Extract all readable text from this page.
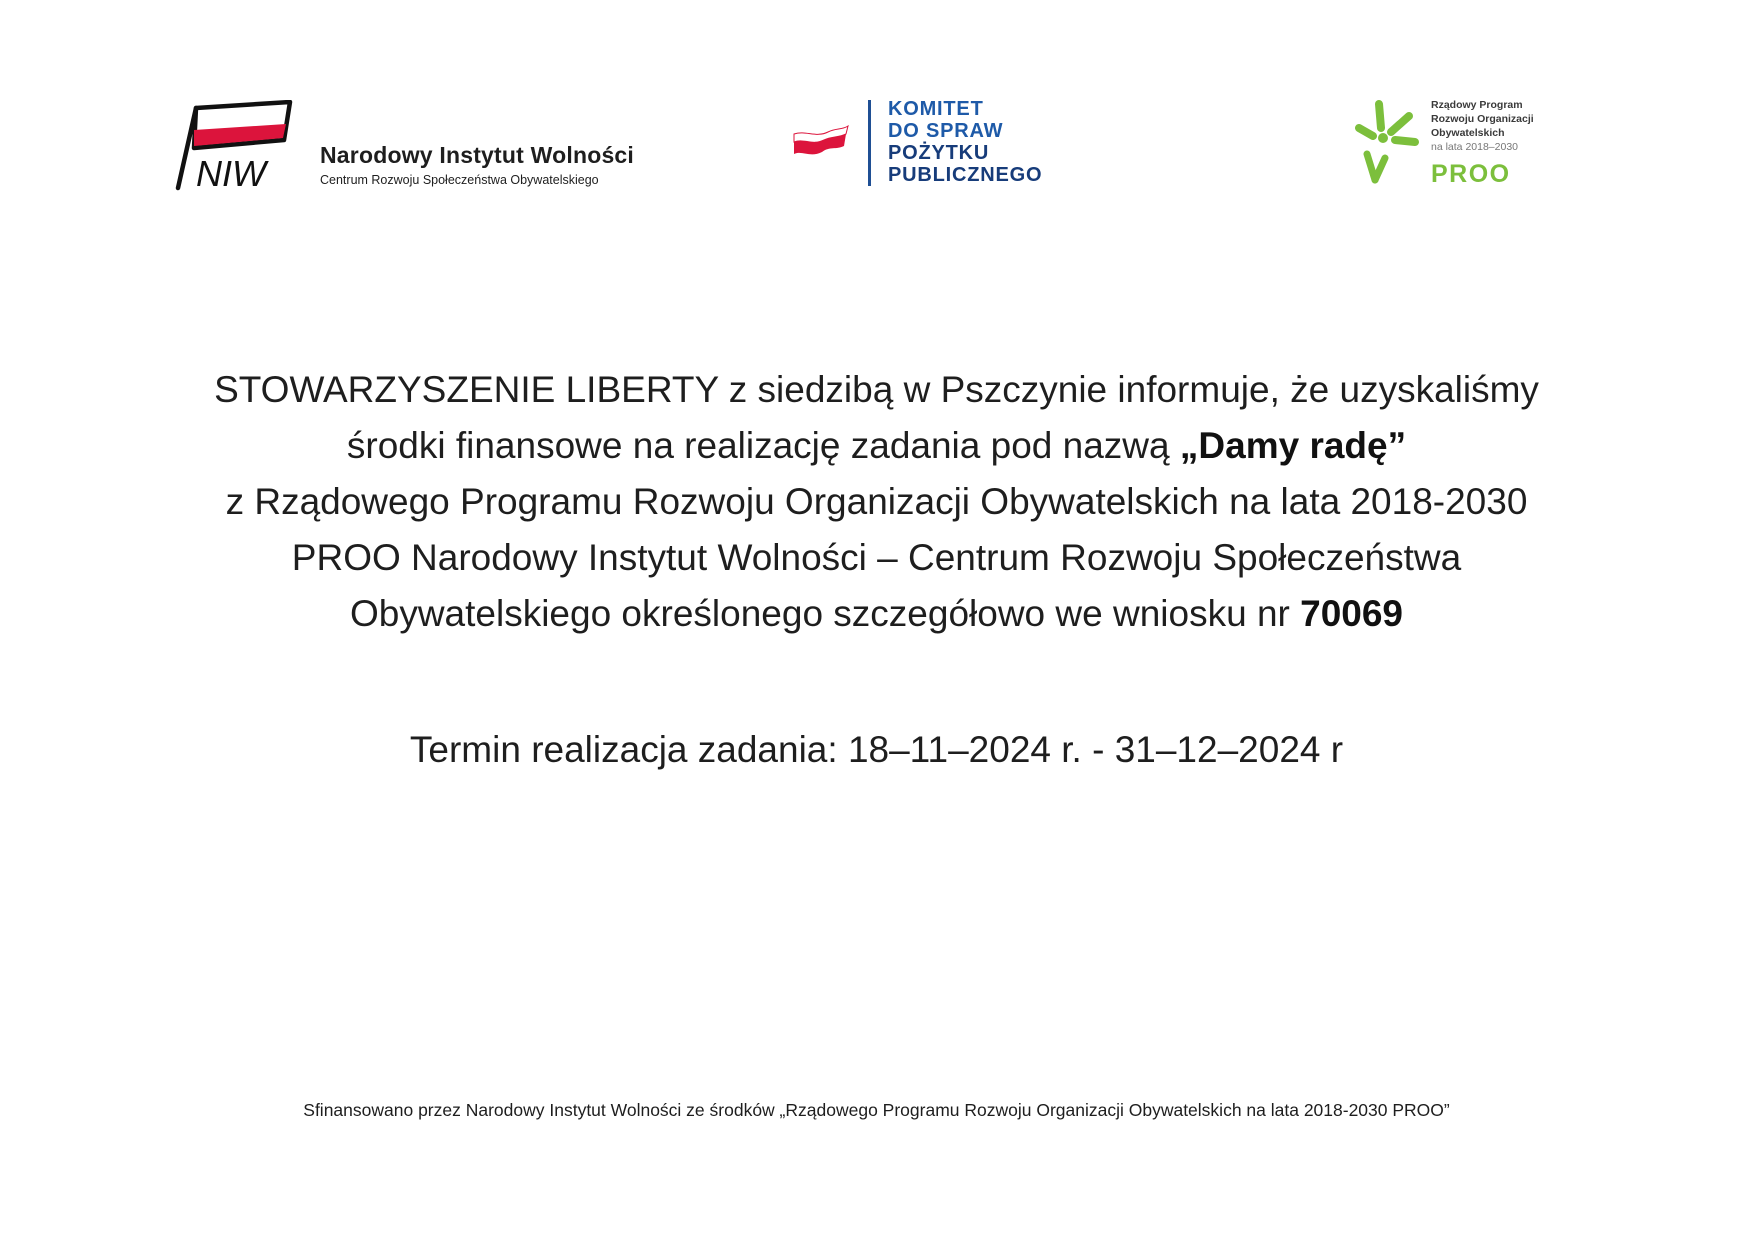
NIW Narodowy Instytut Wolności
Centrum Rozwoju Społeczeństwa Obywatelskiego
KOMITET
DO SPRAW
POŻYTKU
PUBLICZNEGO
Rządowy Program
Rozwoju Organizacji
Obywatelskich
na lata 2018–2030
PROO
STOWARZYSZENIE LIBERTY z siedzibą w Pszczynie informuje, że uzyskaliśmy
środki finansowe na realizację zadania pod nazwą „Damy radę”
z Rządowego Programu Rozwoju Organizacji Obywatelskich na lata 2018-2030
PROO Narodowy Instytut Wolności – Centrum Rozwoju Społeczeństwa
Obywatelskiego określonego szczegółowo we wniosku nr 70069
Termin realizacja zadania: 18–11–2024 r. - 31–12–2024 r
Sfinansowano przez Narodowy Instytut Wolności ze środków „Rządowego Programu Rozwoju Organizacji Obywatelskich na lata 2018-2030 PROO”
